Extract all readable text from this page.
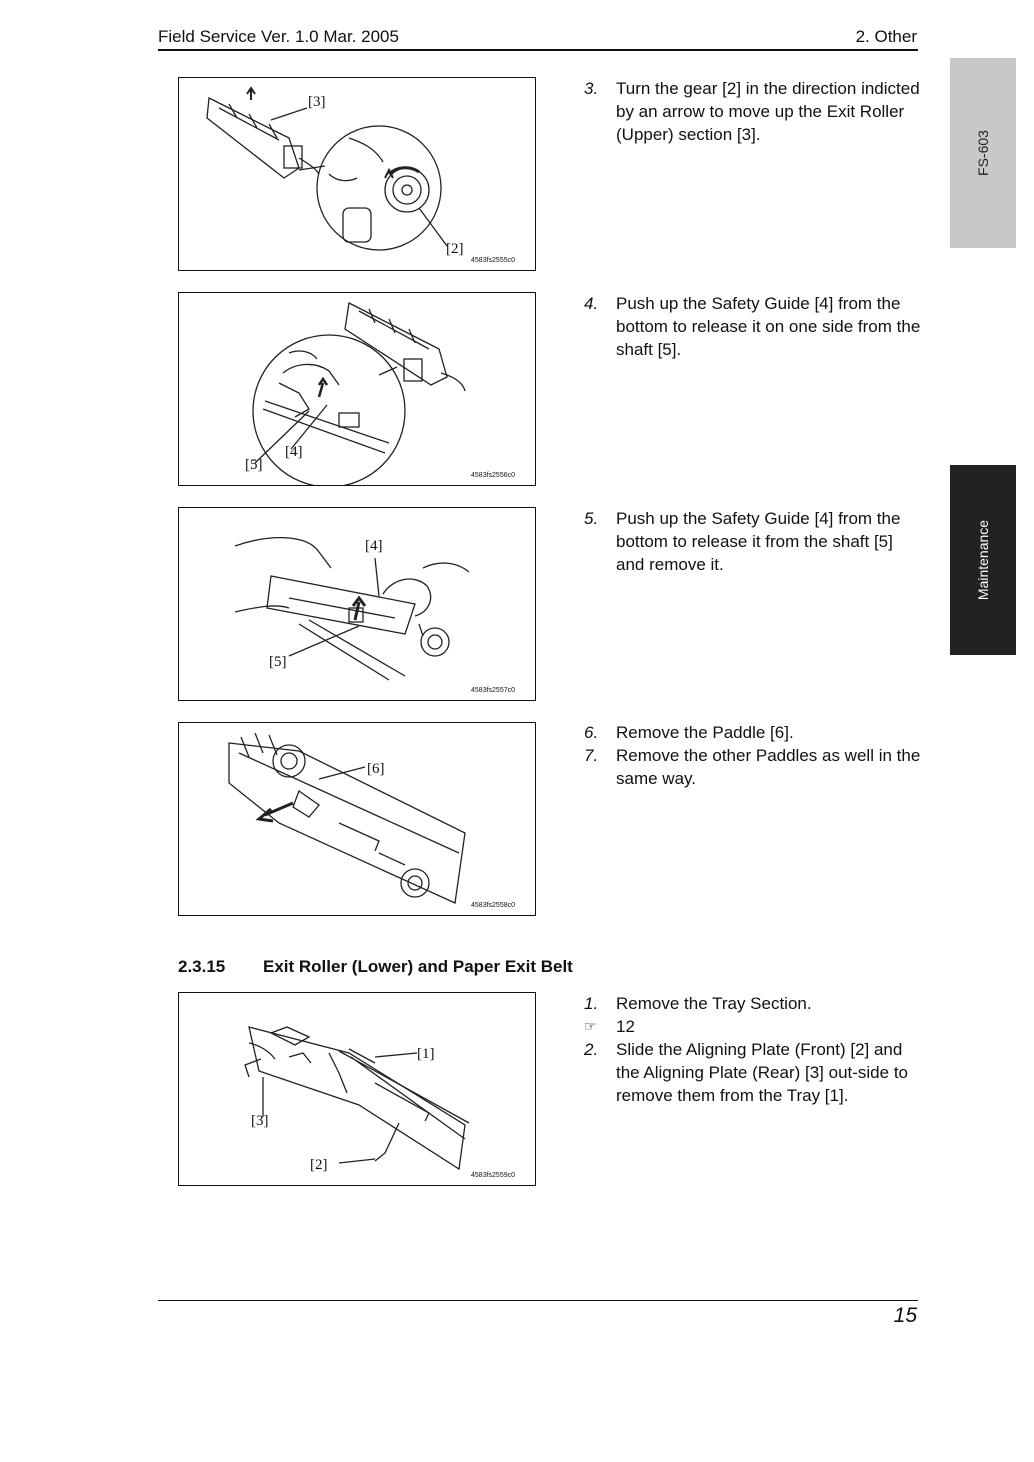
Field Service Ver. 1.0 Mar. 2005	2. Other
FS-603
Maintenance
[3]
[2]
4583fs2555c0
3.	Turn the gear [2] in the direction indicted by an arrow to move up the Exit Roller (Upper) section [3].
[5]
[4]
4583fs2556c0
4.	Push up the Safety Guide [4] from the bottom to release it on one side from the shaft [5].
[4]
[5]
4583fs2557c0
5.	Push up the Safety Guide [4] from the bottom to release it from the shaft [5] and remove it.
[6]
4583fs2558c0
6.	Remove the Paddle [6].
7.	Remove the other Paddles as well in the same way.
2.3.15 Exit Roller (Lower) and Paper Exit Belt
[1]
[3]
[2]
4583fs2559c0
1.	Remove the Tray Section.
☞	12
2.	Slide the Aligning Plate (Front) [2] and the Aligning Plate (Rear) [3] out-side to remove them from the Tray [1].
15
